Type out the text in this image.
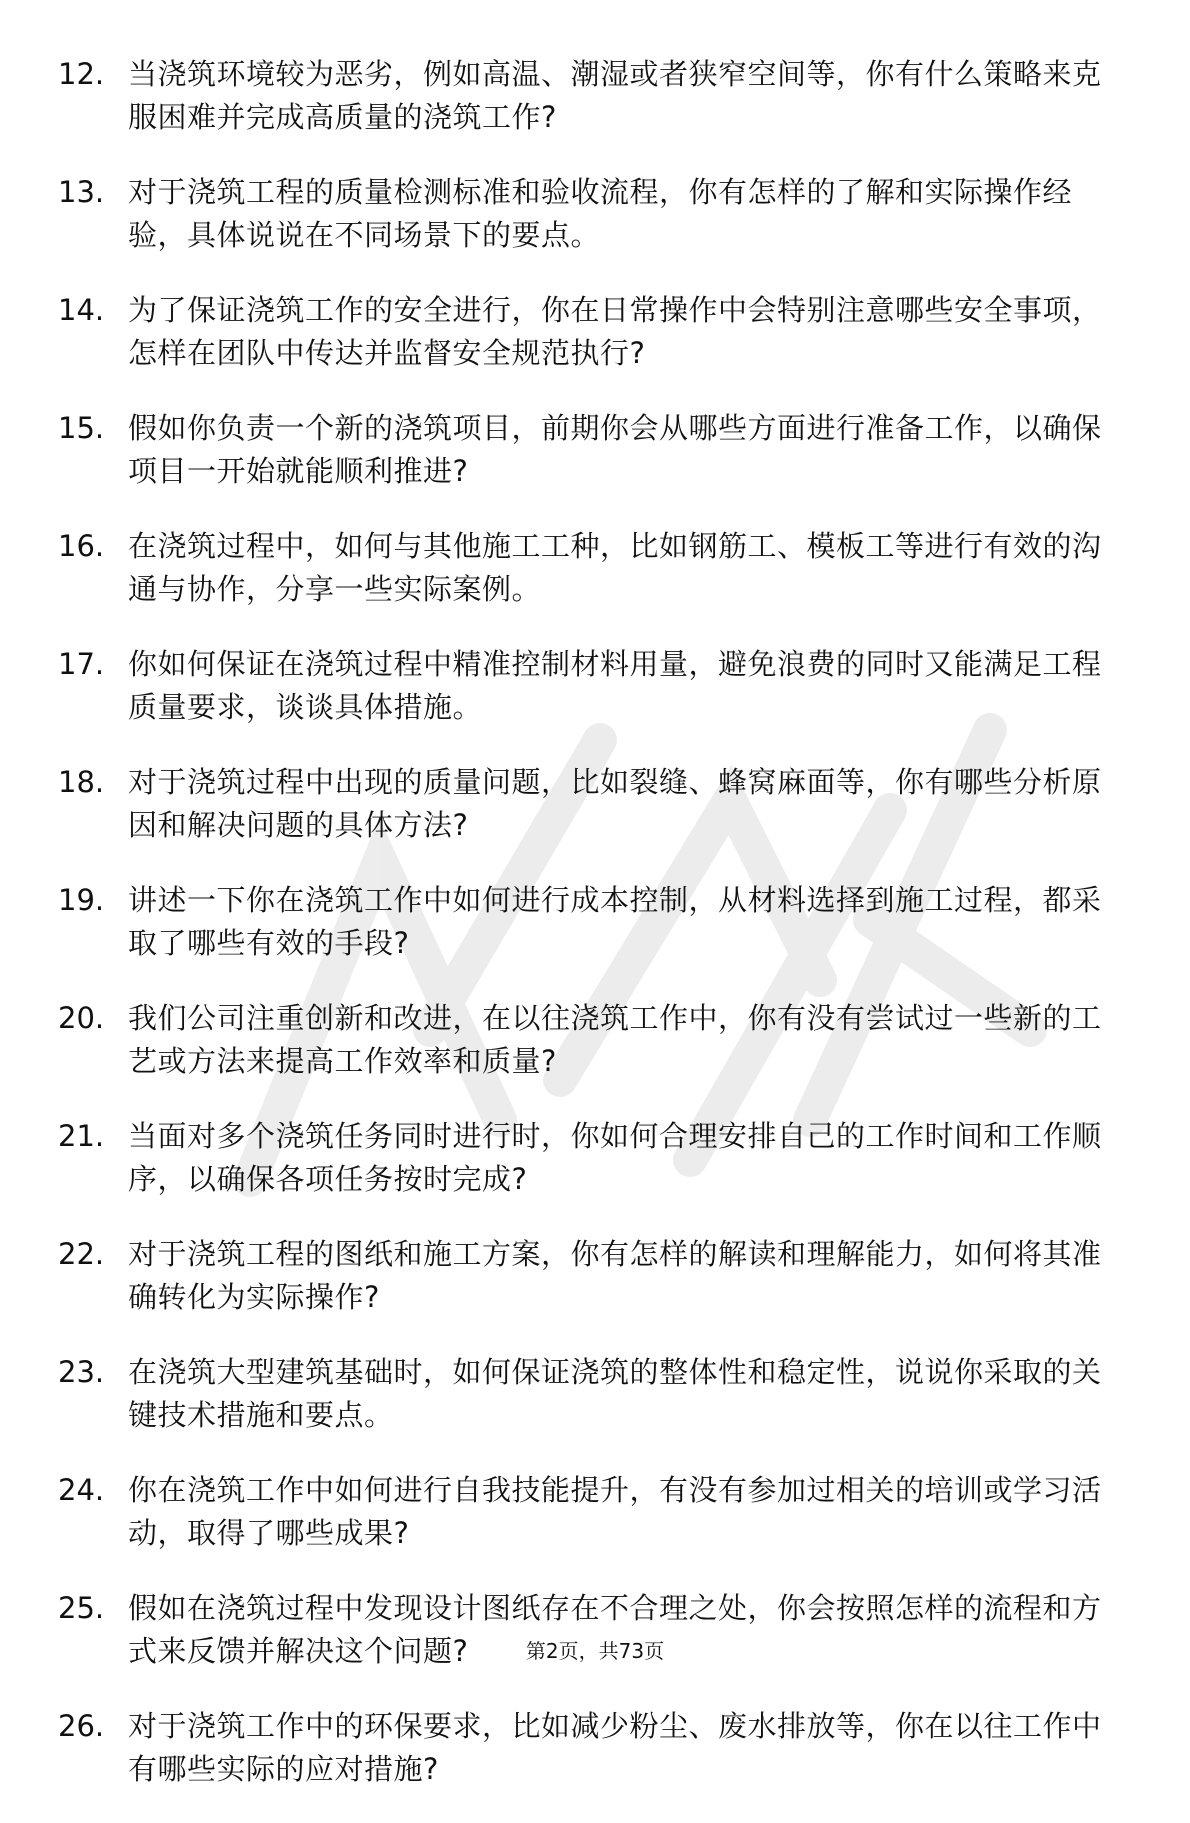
12. 当浇筑环境较为恶劣，例如高温、潮湿或者狭窄空间等，你有什么策略来克服困难并完成高质量的浇筑工作?
13. 对于浇筑工程的质量检测标准和验收流程，你有怎样的了解和实际操作经验，具体说说在不同场景下的要点。
14. 为了保证浇筑工作的安全进行，你在日常操作中会特别注意哪些安全事项，怎样在团队中传达并监督安全规范执行?
15. 假如你负责一个新的浇筑项目，前期你会从哪些方面进行准备工作，以确保项目一开始就能顺利推进?
16. 在浇筑过程中，如何与其他施工工种，比如钢筋工、模板工等进行有效的沟通与协作，分享一些实际案例。
17. 你如何保证在浇筑过程中精准控制材料用量，避免浪费的同时又能满足工程质量要求，谈谈具体措施。
18. 对于浇筑过程中出现的质量问题，比如裂缝、蜂窝麻面等，你有哪些分析原因和解决问题的具体方法?
19. 讲述一下你在浇筑工作中如何进行成本控制，从材料选择到施工过程，都采取了哪些有效的手段?
20. 我们公司注重创新和改进，在以往浇筑工作中，你有没有尝试过一些新的工艺或方法来提高工作效率和质量?
21. 当面对多个浇筑任务同时进行时，你如何合理安排自己的工作时间和工作顺序，以确保各项任务按时完成?
22. 对于浇筑工程的图纸和施工方案，你有怎样的解读和理解能力，如何将其准确转化为实际操作?
23. 在浇筑大型建筑基础时，如何保证浇筑的整体性和稳定性，说说你采取的关键技术措施和要点。
24. 你在浇筑工作中如何进行自我技能提升，有没有参加过相关的培训或学习活动，取得了哪些成果?
25. 假如在浇筑过程中发现设计图纸存在不合理之处，你会按照怎样的流程和方式来反馈并解决这个问题?
26. 对于浇筑工作中的环保要求，比如减少粉尘、废水排放等，你在以往工作中有哪些实际的应对措施?
第2页，共73页
